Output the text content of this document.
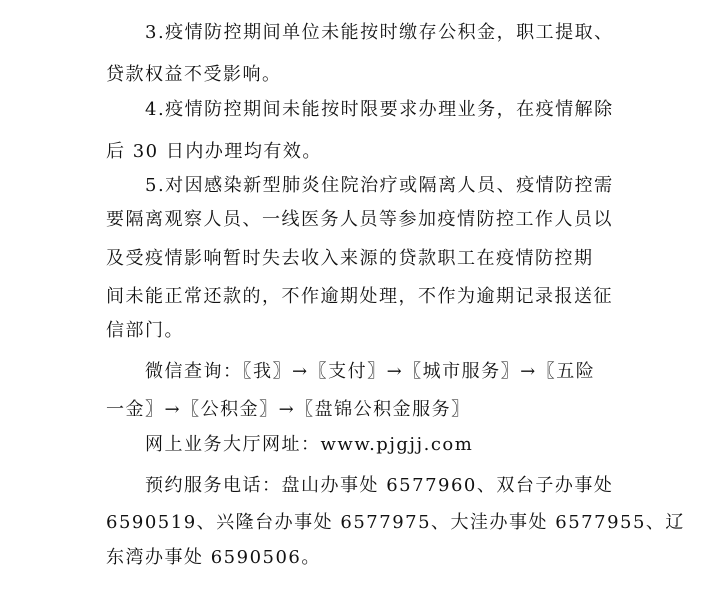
3.疫情防控期间单位未能按时缴存公积金，职工提取、
贷款权益不受影响。
4.疫情防控期间未能按时限要求办理业务，在疫情解除
后 30 日内办理均有效。
5.对因感染新型肺炎住院治疗或隔离人员、疫情防控需
要隔离观察人员、一线医务人员等参加疫情防控工作人员以
及受疫情影响暂时失去收入来源的贷款职工在疫情防控期
间未能正常还款的，不作逾期处理，不作为逾期记录报送征
信部门。
微信查询：〖我〗→〖支付〗→〖城市服务〗→〖五险
一金〗→〖公积金〗→〖盘锦公积金服务〗
网上业务大厅网址：www.pjgjj.com
预约服务电话：盘山办事处 6577960、双台子办事处
6590519、兴隆台办事处 6577975、大洼办事处 6577955、辽
东湾办事处 6590506。
